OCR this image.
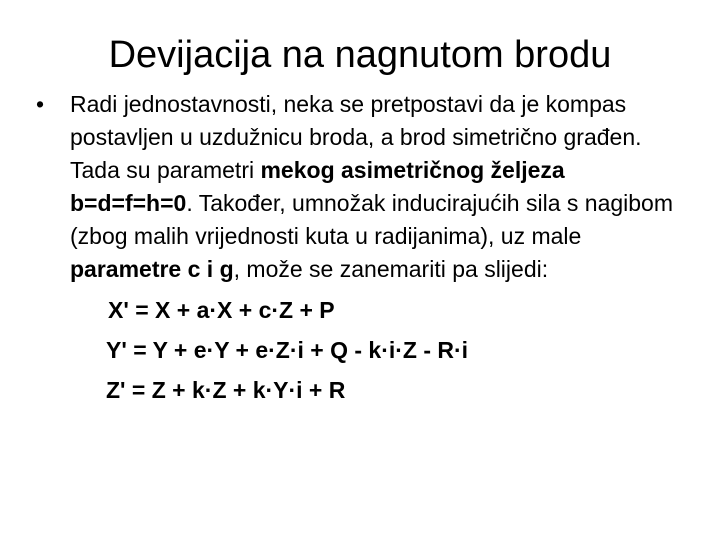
Devijacija na nagnutom brodu
•	Radi jednostavnosti, neka se pretpostavi da je kompas postavljen u uzdužnicu broda, a brod simetrično građen. Tada su parametri mekog asimetričnog željeza b=d=f=h=0. Također, umnožak inducirajućih sila s nagibom (zbog malih vrijednosti kuta u radijanima), uz male parametre c i g, može se zanemariti pa slijedi:
X' = X + a·X + c·Z + P
Y' = Y + e·Y + e·Z·i + Q - k·i·Z - R·i
Z' = Z + k·Z + k·Y·i + R
